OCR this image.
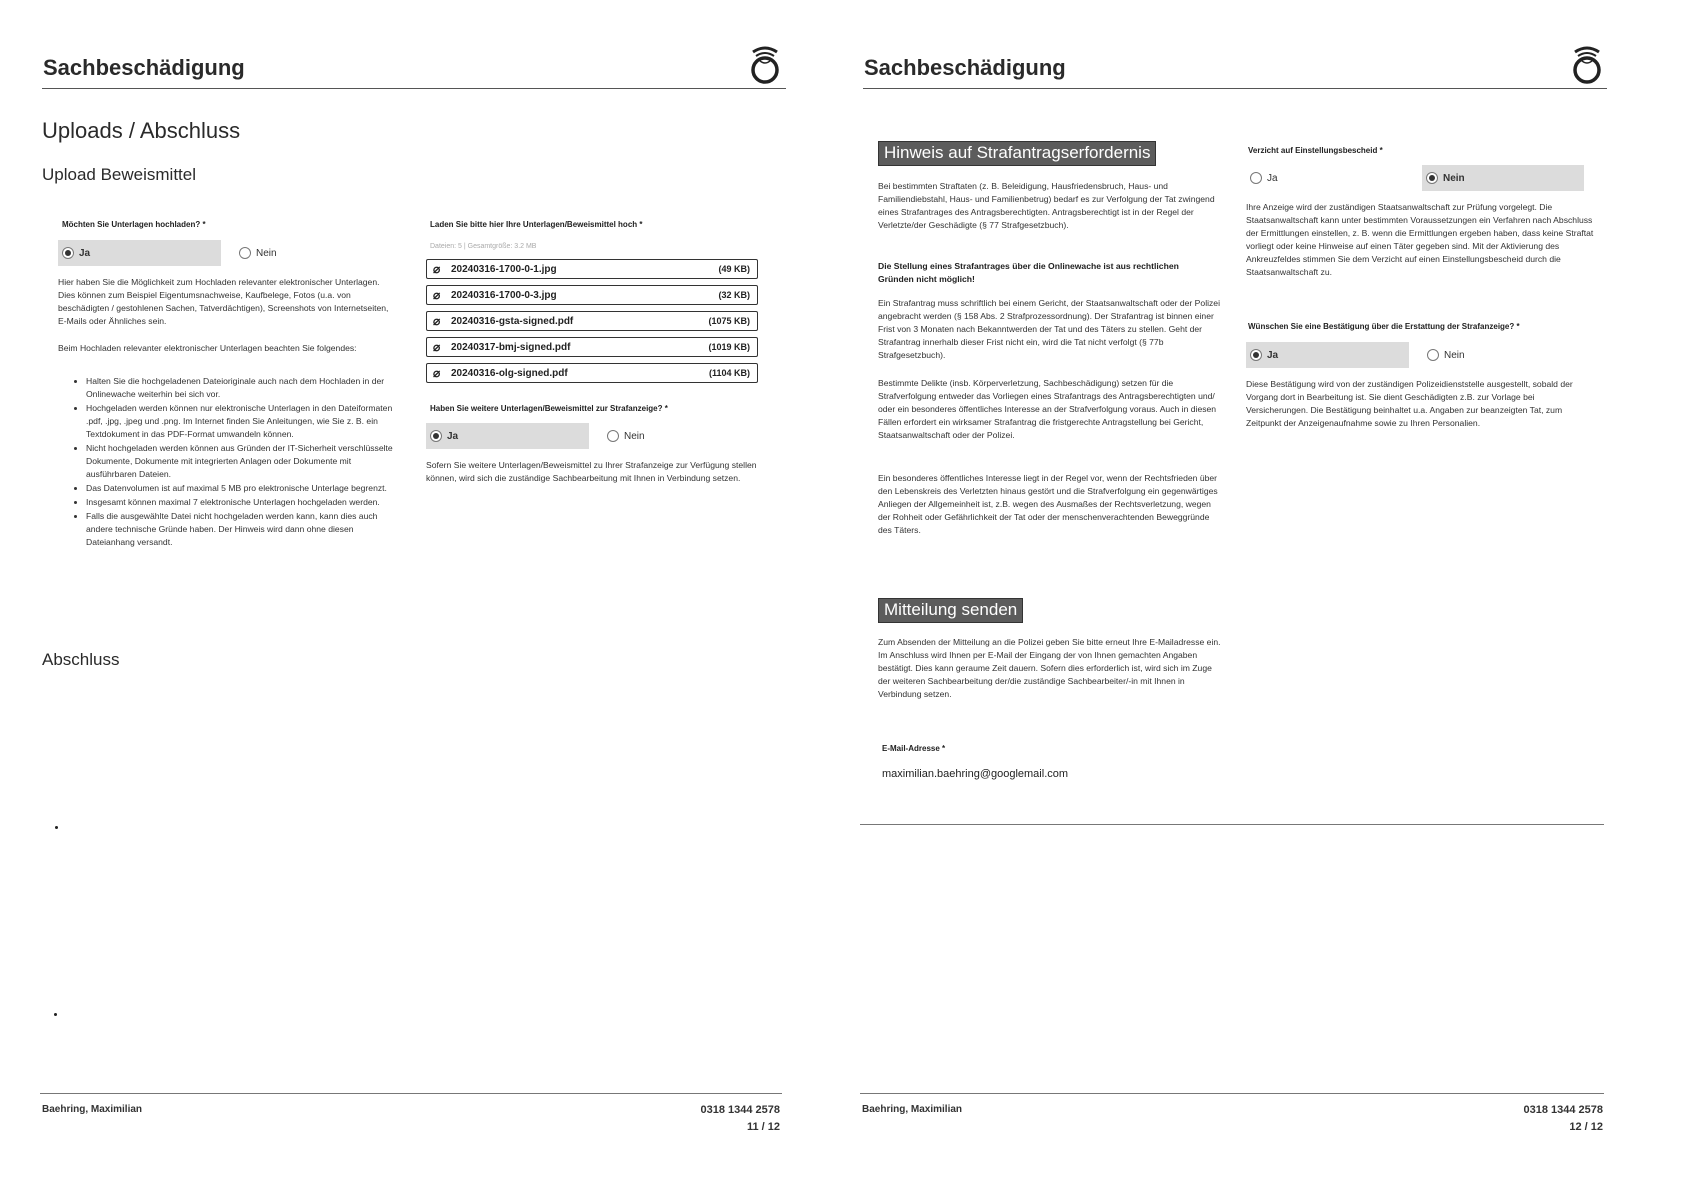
Sachbeschädigung
Uploads / Abschluss
Upload Beweismittel
Möchten Sie Unterlagen hochladen? *
Ja	Nein

Hier haben Sie die Möglichkeit zum Hochladen relevanter elektronischer Unterlagen. Dies können zum Beispiel Eigentumsnachweise, Kaufbelege, Fotos (u.a. von beschädigten / gestohlenen Sachen, Tatverdächtigen), Screenshots von Internetseiten, E-Mails oder Ähnliches sein.

Beim Hochladen relevanter elektronischer Unterlagen beachten Sie folgendes:

• Halten Sie die hochgeladenen Dateioriginale auch nach dem Hochladen in der Onlinewache weiterhin bei sich vor.
• Hochgeladen werden können nur elektronische Unterlagen in den Dateiformaten .pdf, .jpg, .jpeg und .png. Im Internet finden Sie Anleitungen, wie Sie z. B. ein Textdokument in das PDF-Format umwandeln können.
• Nicht hochgeladen werden können aus Gründen der IT-Sicherheit verschlüsselte Dokumente, Dokumente mit integrierten Anlagen oder Dokumente mit ausführbaren Dateien.
• Das Datenvolumen ist auf maximal 5 MB pro elektronische Unterlage begrenzt.
• Insgesamt können maximal 7 elektronische Unterlagen hochgeladen werden.
• Falls die ausgewählte Datei nicht hochgeladen werden kann, kann dies auch andere technische Gründe haben. Der Hinweis wird dann ohne diesen Dateianhang versandt.
Abschluss
Laden Sie bitte hier Ihre Unterlagen/Beweismittel hoch *
Dateien: 5 | Gesamtgröße: 3.2 MB
⌀	20240316-1700-0-1.jpg	(49 KB)
⌀	20240316-1700-0-3.jpg	(32 KB)
⌀	20240316-gsta-signed.pdf	(1075 KB)
⌀	20240317-bmj-signed.pdf	(1019 KB)
⌀	20240316-olg-signed.pdf	(1104 KB)
Haben Sie weitere Unterlagen/Beweismittel zur Strafanzeige? *
Ja	Nein

Sofern Sie weitere Unterlagen/Beweismittel zu Ihrer Strafanzeige zur Verfügung stellen können, wird sich die zuständige Sachbearbeitung mit Ihnen in Verbindung setzen.

Baehring, Maximilian	0318 1344 2578
11 / 12
Sachbeschädigung
Hinweis auf Strafantragserfordernis

Bei bestimmten Straftaten (z. B. Beleidigung, Hausfriedensbruch, Haus- und Familiendiebstahl, Haus- und Familienbetrug) bedarf es zur Verfolgung der Tat zwingend eines Strafantrages des Antragsberechtigten. Antragsberechtigt ist in der Regel der Verletzte/der Geschädigte (§ 77 Strafgesetzbuch).

Die Stellung eines Strafantrages über die Onlinewache ist aus rechtlichen Gründen nicht möglich!

Ein Strafantrag muss schriftlich bei einem Gericht, der Staatsanwaltschaft oder der Polizei angebracht werden (§ 158 Abs. 2 Strafprozessordnung). Der Strafantrag ist binnen einer Frist von 3 Monaten nach Bekanntwerden der Tat und des Täters zu stellen. Geht der Strafantrag innerhalb dieser Frist nicht ein, wird die Tat nicht verfolgt (§ 77b Strafgesetzbuch).

Bestimmte Delikte (insb. Körperverletzung, Sachbeschädigung) setzen für die Strafverfolgung entweder das Vorliegen eines Strafantrags des Antragsberechtigten und/ oder ein besonderes öffentliches Interesse an der Strafverfolgung voraus. Auch in diesen Fällen erfordert ein wirksamer Strafantrag die fristgerechte Antragstellung bei Gericht, Staatsanwaltschaft oder der Polizei.

Ein besonderes öffentliches Interesse liegt in der Regel vor, wenn der Rechtsfrieden über den Lebenskreis des Verletzten hinaus gestört und die Strafverfolgung ein gegenwärtiges Anliegen der Allgemeinheit ist, z.B. wegen des Ausmaßes der Rechtsverletzung, wegen der Rohheit oder Gefährlichkeit der Tat oder der menschenverachtenden Beweggründe des Täters.

Mitteilung senden

Zum Absenden der Mitteilung an die Polizei geben Sie bitte erneut Ihre E-Mailadresse ein. Im Anschluss wird Ihnen per E-Mail der Eingang der von Ihnen gemachten Angaben bestätigt. Dies kann geraume Zeit dauern. Sofern dies erforderlich ist, wird sich im Zuge der weiteren Sachbearbeitung der/die zuständige Sachbearbeiter/-in mit Ihnen in Verbindung setzen.

E-Mail-Adresse *
maximilian.baehring@googlemail.com
Verzicht auf Einstellungsbescheid *
Ja	Nein

Ihre Anzeige wird der zuständigen Staatsanwaltschaft zur Prüfung vorgelegt. Die Staatsanwaltschaft kann unter bestimmten Voraussetzungen ein Verfahren nach Abschluss der Ermittlungen einstellen, z. B. wenn die Ermittlungen ergeben haben, dass keine Straftat vorliegt oder keine Hinweise auf einen Täter gegeben sind. Mit der Aktivierung des Ankreuzfeldes stimmen Sie dem Verzicht auf einen Einstellungsbescheid durch die Staatsanwaltschaft zu.

Wünschen Sie eine Bestätigung über die Erstattung der Strafanzeige? *
Ja	Nein

Diese Bestätigung wird von der zuständigen Polizeidienststelle ausgestellt, sobald der Vorgang dort in Bearbeitung ist. Sie dient Geschädigten z.B. zur Vorlage bei Versicherungen. Die Bestätigung beinhaltet u.a. Angaben zur beanzeigten Tat, zum Zeitpunkt der Anzeigenaufnahme sowie zu Ihren Personalien.

Baehring, Maximilian	0318 1344 2578
12 / 12
